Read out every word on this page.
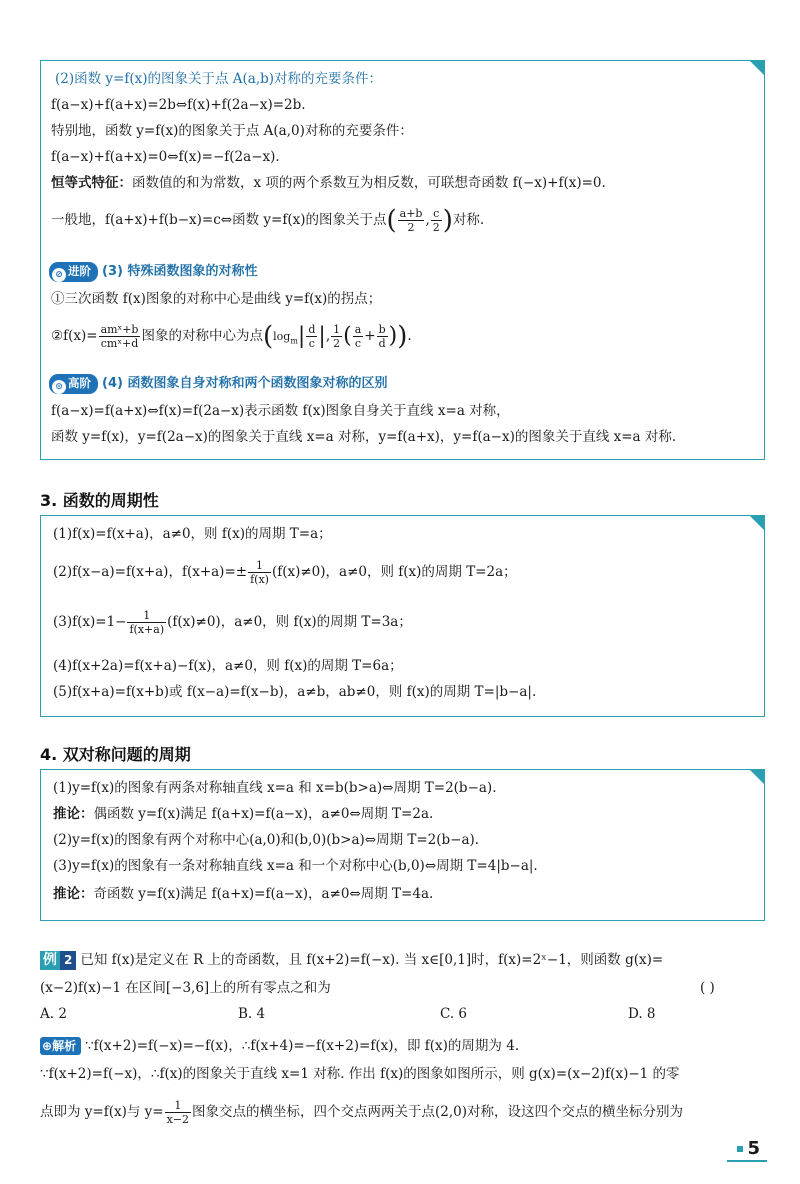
(2)函数 y=f(x)的图象关于点 A(a,b)对称的充要条件：
f(a−x)+f(a+x)=2b⇔f(x)+f(2a−x)=2b.
特别地，函数 y=f(x)的图象关于点 A(a,0)对称的充要条件：
f(a−x)+f(a+x)=0⇔f(x)=−f(2a−x).
恒等式特征：函数值的和为常数，x 项的两个系数互为相反数，可联想奇函数 f(−x)+f(x)=0.
一般地，f(a+x)+f(b−x)=c⇔函数 y=f(x)的图象关于点( $\frac{a+b}{2}$ , $\frac{c}{2}$ )对称.
⊘ 进阶 (3) 特殊函数图象的对称性
①三次函数 f(x)图象的对称中心是曲线 y=f(x)的拐点；
②f(x)= $\frac{\text{amˣ+b}}{\text{cmˣ+d}}$ 图象的对称中心为点($\log_m| \frac{d}{c}$ |, $\frac{1}{2}$ ( $\frac{a}{c} + \frac{b}{d}$ )).
⊙ 高阶 (4) 函数图象自身对称和两个函数图象对称的区别
f(a−x)=f(a+x)⇔f(x)=f(2a−x)表示函数 f(x)图象自身关于直线 x=a 对称，
函数 y=f(x)，y=f(2a−x)的图象关于直线 x=a 对称，y=f(a+x)，y=f(a−x)的图象关于直线 x=a 对称.
3. 函数的周期性
(1)f(x)=f(x+a)，a≠0，则 f(x)的周期 T=a；
(2)f(x−a)=f(x+a)，$f(x+a)=\pm \frac{1}{f(x)} (f(x)\ne 0)$，a≠0，则 f(x)的周期 T=2a；
$(3)f(x)=1- \frac{1}{f(x+a)} (f(x)\ne 0)$，a≠0，则 f(x)的周期 T=3a；
(4)f(x+2a)=f(x+a)−f(x)，a≠0，则 f(x)的周期 T=6a；
(5)f(x+a)=f(x+b)或 f(x−a)=f(x−b)，a≠b，ab≠0，则 f(x)的周期 T=|b−a|.
4. 双对称问题的周期
(1)y=f(x)的图象有两条对称轴直线 x=a 和 x=b(b>a)⇔周期 T=2(b−a).
推论：偶函数 y=f(x)满足 f(a+x)=f(a−x)，a≠0⇔周期 T=2a.
(2)y=f(x)的图象有两个对称中心(a,0)和(b,0)(b>a)⇔周期 T=2(b−a).
(3)y=f(x)的图象有一条对称轴直线 x=a 和一个对称中心(b,0)⇔周期 T=4|b−a|.
推论：奇函数 y=f(x)满足 f(a+x)=f(a−x)，a≠0⇔周期 T=4a.
例 2 已知 f(x)是定义在 R 上的奇函数，且 f(x+2)=f(−x). 当 x∈[0,1]时，f(x)=2ˣ−1，则函数 g(x)=
(x−2)f(x)−1 在区间[−3,6]上的所有零点之和为	( )
A. 2	B. 4	C. 6	D. 8
⊕解析 ∵f(x+2)=f(−x)=−f(x)，∴f(x+4)=−f(x+2)=f(x)，即 f(x)的周期为 4.
∵f(x+2)=f(−x)，∴f(x)的图象关于直线 x=1 对称. 作出 f(x)的图象如图所示，则 g(x)=(x−2)f(x)−1 的零
点即为 y=f(x)与 $y= \frac{1}{x-2}$ 图象交点的横坐标，四个交点两两关于点(2,0)对称，设这四个交点的横坐标分别为
5
